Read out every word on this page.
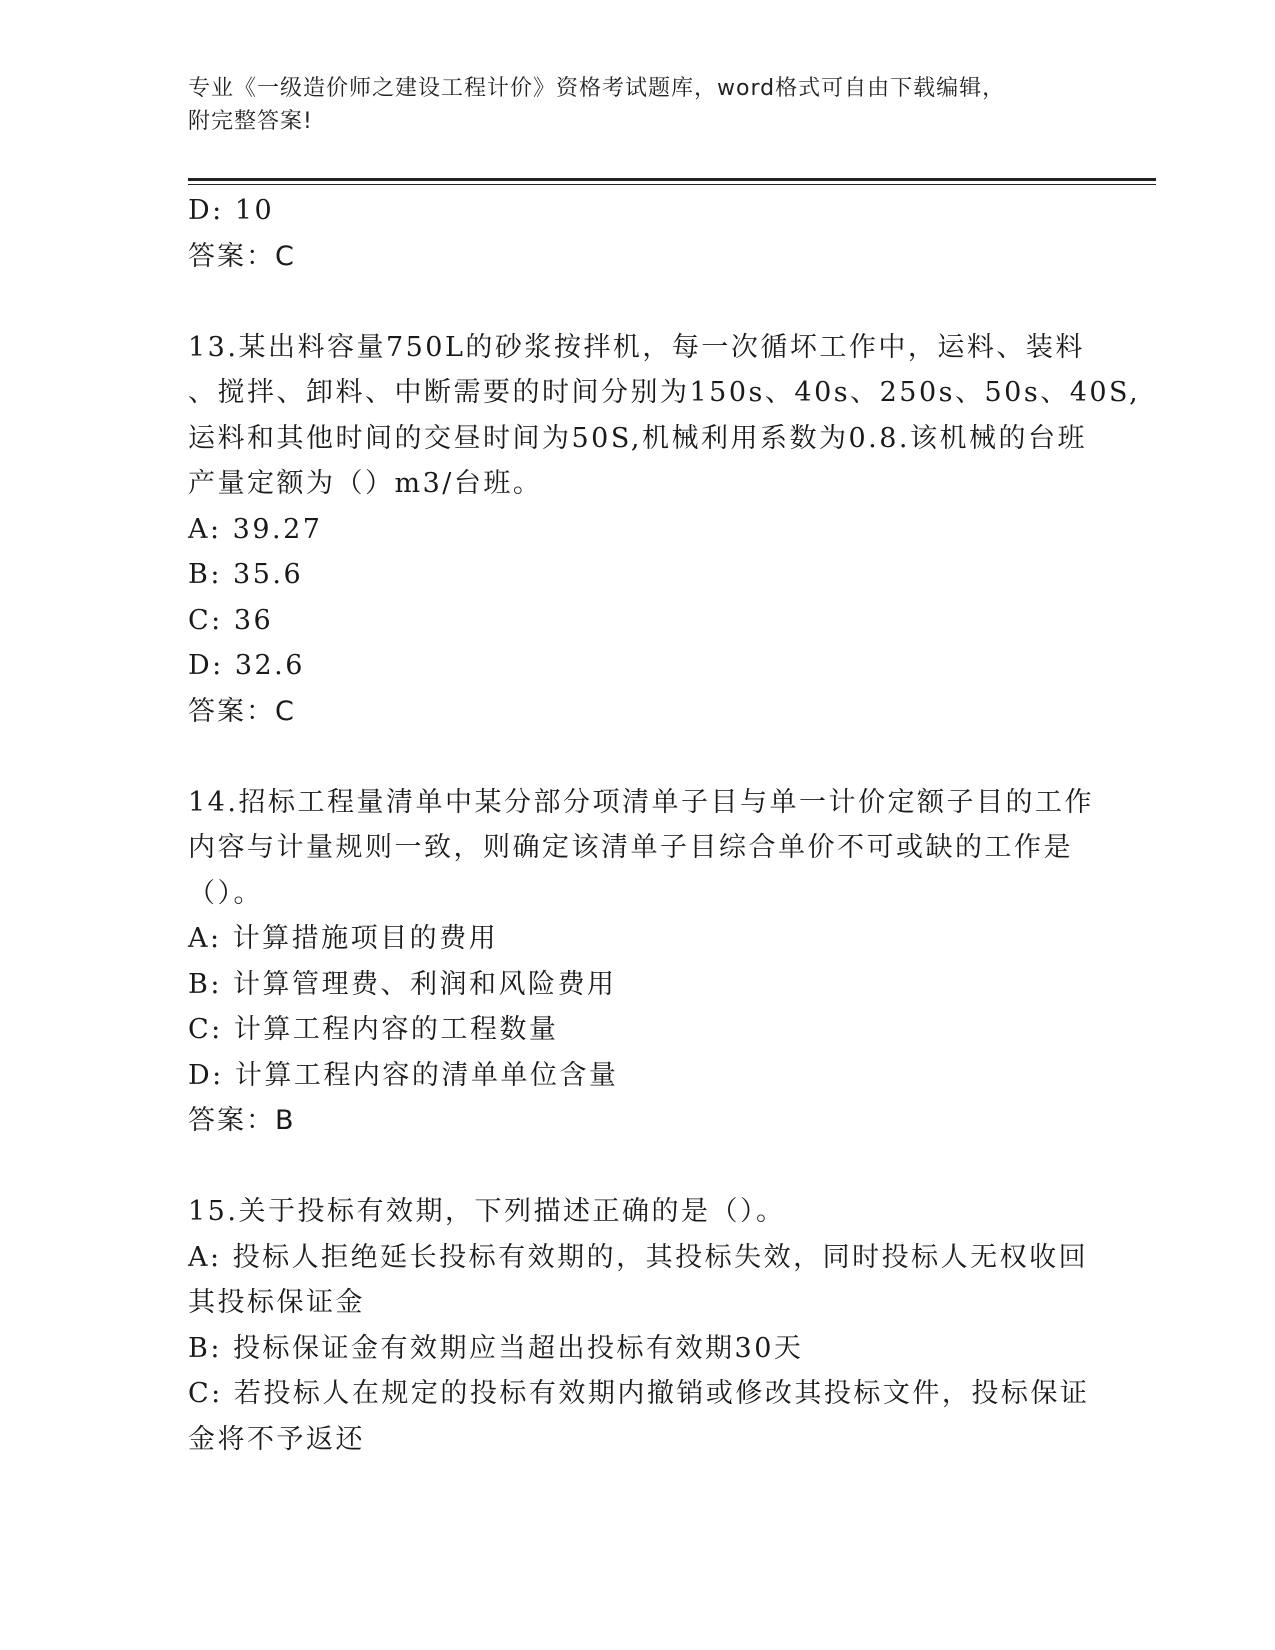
专业《一级造价师之建设工程计价》资格考试题库，word格式可自由下载编辑，
附完整答案!
D: 10
答案：C
13.某出料容量750L的砂浆按拌机，每一次循坏工作中，运料、装料
、搅拌、卸料、中断需要的时间分别为150s、40s、250s、50s、40S,
运料和其他时间的交昼时间为50S,机械利用系数为0.8.该机械的台班
产量定额为（）m3/台班。
A: 39.27
B: 35.6
C: 36
D: 32.6
答案：C
14.招标工程量清单中某分部分项清单子目与单一计价定额子目的工作
内容与计量规则一致，则确定该清单子目综合单价不可或缺的工作是
（）。
A: 计算措施项目的费用
B: 计算管理费、利润和风险费用
C: 计算工程内容的工程数量
D: 计算工程内容的清单单位含量
答案：B
15.关于投标有效期，下列描述正确的是（）。
A: 投标人拒绝延长投标有效期的，其投标失效，同时投标人无权收回
其投标保证金
B: 投标保证金有效期应当超出投标有效期30天
C: 若投标人在规定的投标有效期内撤销或修改其投标文件，投标保证
金将不予返还
